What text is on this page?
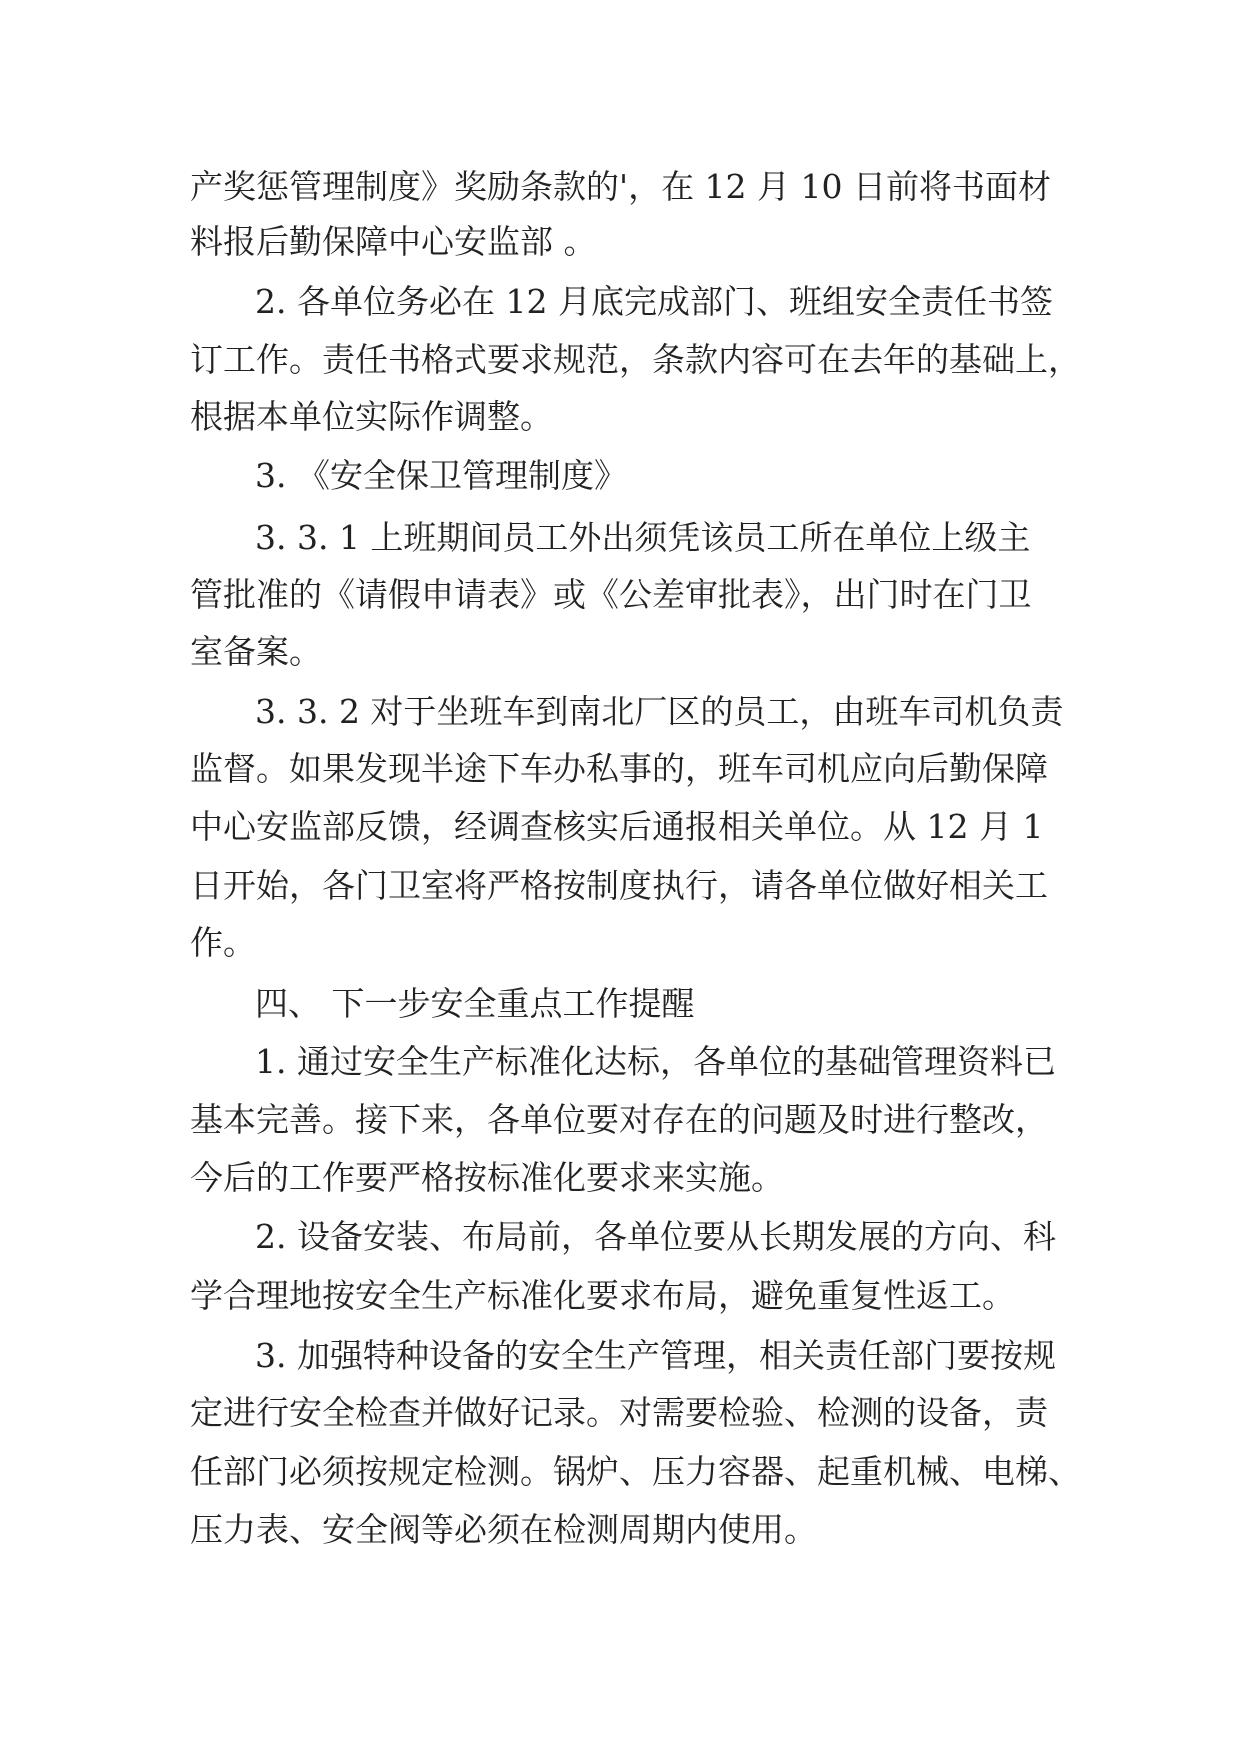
产奖惩管理制度》奖励条款的'，在 12 月 10 日前将书面材
料报后勤保障中心安监部 。
2. 各单位务必在 12 月底完成部门、班组安全责任书签
订工作。责任书格式要求规范，条款内容可在去年的基础上，
根据本单位实际作调整。
3. 《安全保卫管理制度》
3. 3. 1 上班期间员工外出须凭该员工所在单位上级主
管批准的《请假申请表》或《公差审批表》，出门时在门卫
室备案。
3. 3. 2 对于坐班车到南北厂区的员工，由班车司机负责
监督。如果发现半途下车办私事的，班车司机应向后勤保障
中心安监部反馈，经调查核实后通报相关单位。从 12 月 1
日开始，各门卫室将严格按制度执行，请各单位做好相关工
作。
四、 下一步安全重点工作提醒
1. 通过安全生产标准化达标，各单位的基础管理资料已
基本完善。接下来，各单位要对存在的问题及时进行整改，
今后的工作要严格按标准化要求来实施。
2. 设备安装、布局前，各单位要从长期发展的方向、科
学合理地按安全生产标准化要求布局，避免重复性返工。
3. 加强特种设备的安全生产管理，相关责任部门要按规
定进行安全检查并做好记录。对需要检验、检测的设备，责
任部门必须按规定检测。锅炉、压力容器、起重机械、电梯、
压力表、安全阀等必须在检测周期内使用。
